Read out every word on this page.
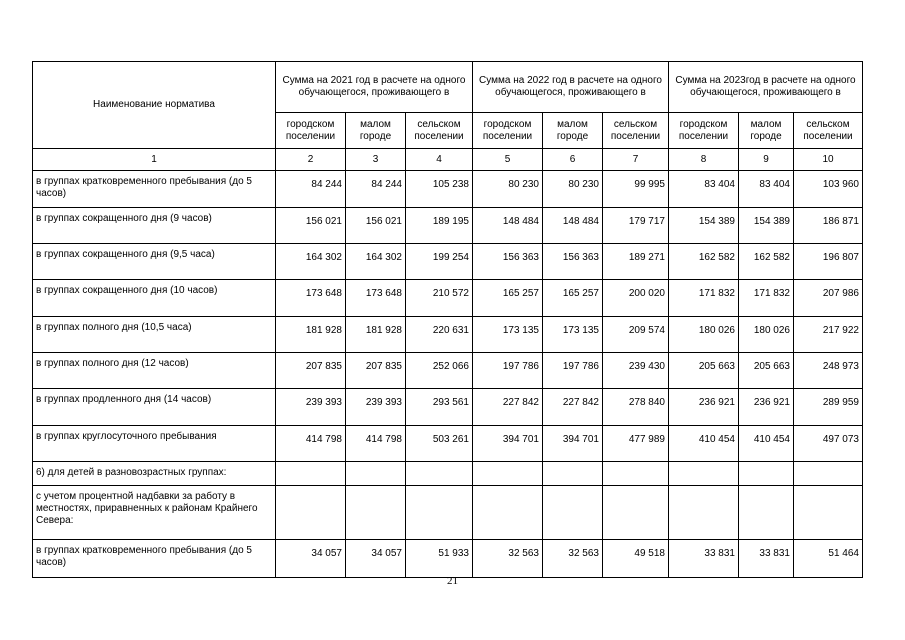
Наименование норматива	Сумма на 2021 год в расчете на одного обучающегося, проживающего в			Сумма на 2022 год в расчете на одного обучающегося, проживающего в			Сумма на 2023год в расчете на одного обучающегося, проживающего в		
	городском поселении	малом городе	сельском поселении	городском поселении	малом городе	сельском поселении	городском поселении	малом городе	сельском поселении
1	2	3	4	5	6	7	8	9	10
в группах кратковременного пребывания (до 5 часов)	84 244	84 244	105 238	80 230	80 230	99 995	83 404	83 404	103 960
в группах сокращенного дня (9 часов)	156 021	156 021	189 195	148 484	148 484	179 717	154 389	154 389	186 871
в группах сокращенного дня (9,5 часа)	164 302	164 302	199 254	156 363	156 363	189 271	162 582	162 582	196 807
в группах сокращенного дня (10 часов)	173 648	173 648	210 572	165 257	165 257	200 020	171 832	171 832	207 986
в группах полного дня (10,5 часа)	181 928	181 928	220 631	173 135	173 135	209 574	180 026	180 026	217 922
в группах полного дня (12 часов)	207 835	207 835	252 066	197 786	197 786	239 430	205 663	205 663	248 973
в группах продленного дня (14 часов)	239 393	239 393	293 561	227 842	227 842	278 840	236 921	236 921	289 959
в группах круглосуточного пребывания	414 798	414 798	503 261	394 701	394 701	477 989	410 454	410 454	497 073
6) для детей в разновозрастных группах:									
с учетом процентной надбавки за работу в местностях, приравненных к районам Крайнего Севера:									
в группах кратковременного пребывания (до 5 часов)	34 057	34 057	51 933	32 563	32 563	49 518	33 831	33 831	51 464
21
